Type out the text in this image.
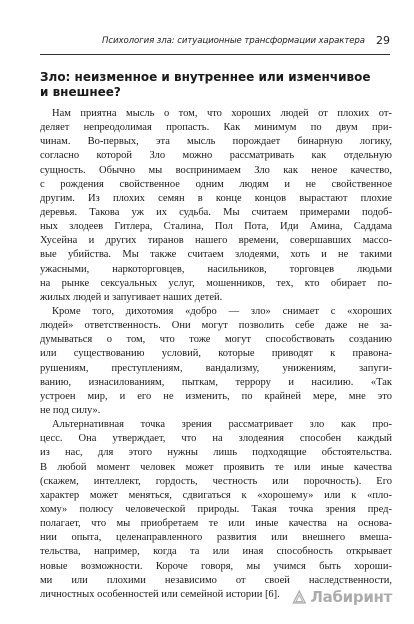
Психология зла: ситуационные трансформации характера 29
Зло: неизменное и внутреннее или изменчивое
и внешнее?
Нам приятна мысль о том, что хороших людей от плохих от-
деляет непреодолимая пропасть. Как минимум по двум при-
чинам. Во-первых, эта мысль порождает бинарную логику,
согласно которой Зло можно рассматривать как отдельную
сущность. Обычно мы воспринимаем Зло как неное качество,
с рождения свойственное одним людям и не свойственное
другим. Из плохих семян в конце концов вырастают плохие
деревья. Такова уж их судьба. Мы считаем примерами подоб-
ных злодеев Гитлера, Сталина, Пол Пота, Иди Амина, Саддама
Хусейна и других тиранов нашего времени, совершавших массо-
вые убийства. Мы также считаем злодеями, хоть и не такими
ужасными, наркоторговцев, насильников, торговцев людьми
на рынке сексуальных услуг, мошенников, тех, кто обирает по-
жилых людей и запугивает наших детей.
Кроме того, дихотомия «добро — зло» снимает с «хороших
людей» ответственность. Они могут позволить себе даже не за-
думываться о том, что тоже могут способствовать созданию
или существованию условий, которые приводят к правона-
рушениям, преступлениям, вандализму, унижениям, запуги-
ванию, изнасилованиям, пыткам, террору и насилию. «Так
устроен мир, и его не изменить, по крайней мере, мне это
не под силу».
Альтернативная точка зрения рассматривает зло как про-
цесс. Она утверждает, что на злодеяния способен каждый
из нас, для этого нужны лишь подходящие обстоятельства.
В любой момент человек может проявить те или иные качества
(скажем, интеллект, гордость, честность или порочность). Его
характер может меняться, сдвигаться к «хорошему» или к «пло-
хому» полюсу человеческой природы. Такая точка зрения пред-
полагает, что мы приобретаем те или иные качества на основа-
нии опыта, целенаправленного развития или внешнего вмеша-
тельства, например, когда та или иная способность открывает
новые возможности. Короче говоря, мы учимся быть хороши-
ми или плохими независимо от своей наследственности,
личностных особенностей или семейной истории [6].	Лабиринт
